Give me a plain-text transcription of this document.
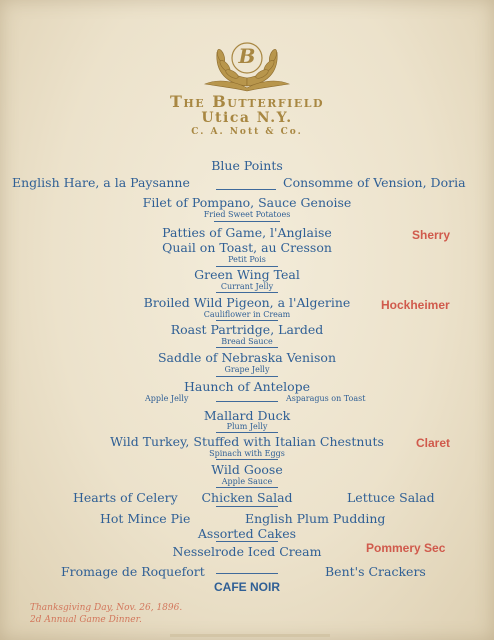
B
The Butterfield
Utica N.Y.
C. A. Nott & Co.
Blue Points
English Hare, a la Paysanne	Consomme of Vension, Doria
Filet of Pompano, Sauce Genoise
Fried Sweet Potatoes
Patties of Game, l'Anglaise	Sherry
Quail on Toast, au Cresson
Petit Pois
Green Wing Teal
Currant Jelly
Broiled Wild Pigeon, a l'Algerine	Hockheimer
Cauliflower in Cream
Roast Partridge, Larded
Bread Sauce
Saddle of Nebraska Venison
Grape Jelly
Haunch of Antelope
Apple Jelly	Asparagus on Toast
Mallard Duck
Plum Jelly
Wild Turkey, Stuffed with Italian Chestnuts	Claret
Spinach with Eggs
Wild Goose
Apple Sauce
Hearts of Celery	Chicken Salad	Lettuce Salad
Hot Mince Pie	English Plum Pudding
Assorted Cakes
Nesselrode Iced Cream	Pommery Sec
Fromage de Roquefort	Bent's Crackers
CAFE NOIR
Thanksgiving Day, Nov. 26, 1896.
2d Annual Game Dinner.
